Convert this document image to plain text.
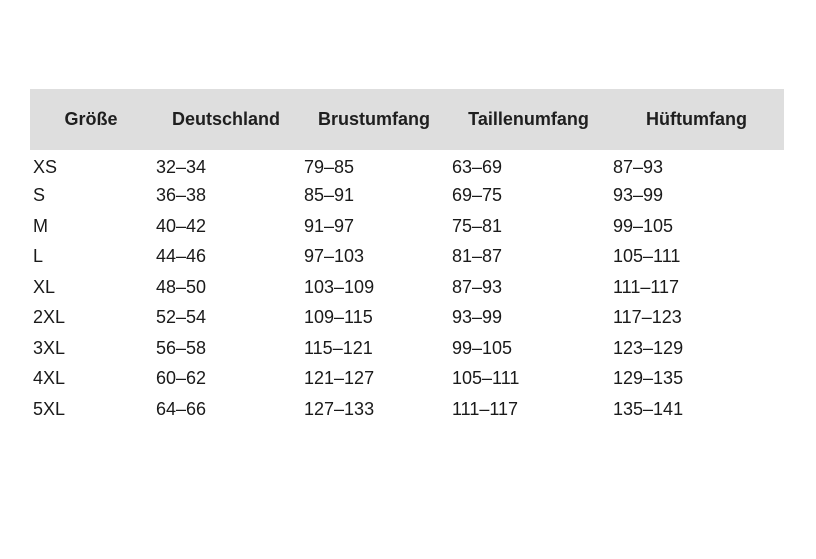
Größe	Deutschland	Brustumfang	Taillenumfang	Hüftumfang
XS	32–34	79–85	63–69	87–93
S	36–38	85–91	69–75	93–99
M	40–42	91–97	75–81	99–105
L	44–46	97–103	81–87	105–111
XL	48–50	103–109	87–93	111–117
2XL	52–54	109–115	93–99	117–123
3XL	56–58	115–121	99–105	123–129
4XL	60–62	121–127	105–111	129–135
5XL	64–66	127–133	111–117	135–141
